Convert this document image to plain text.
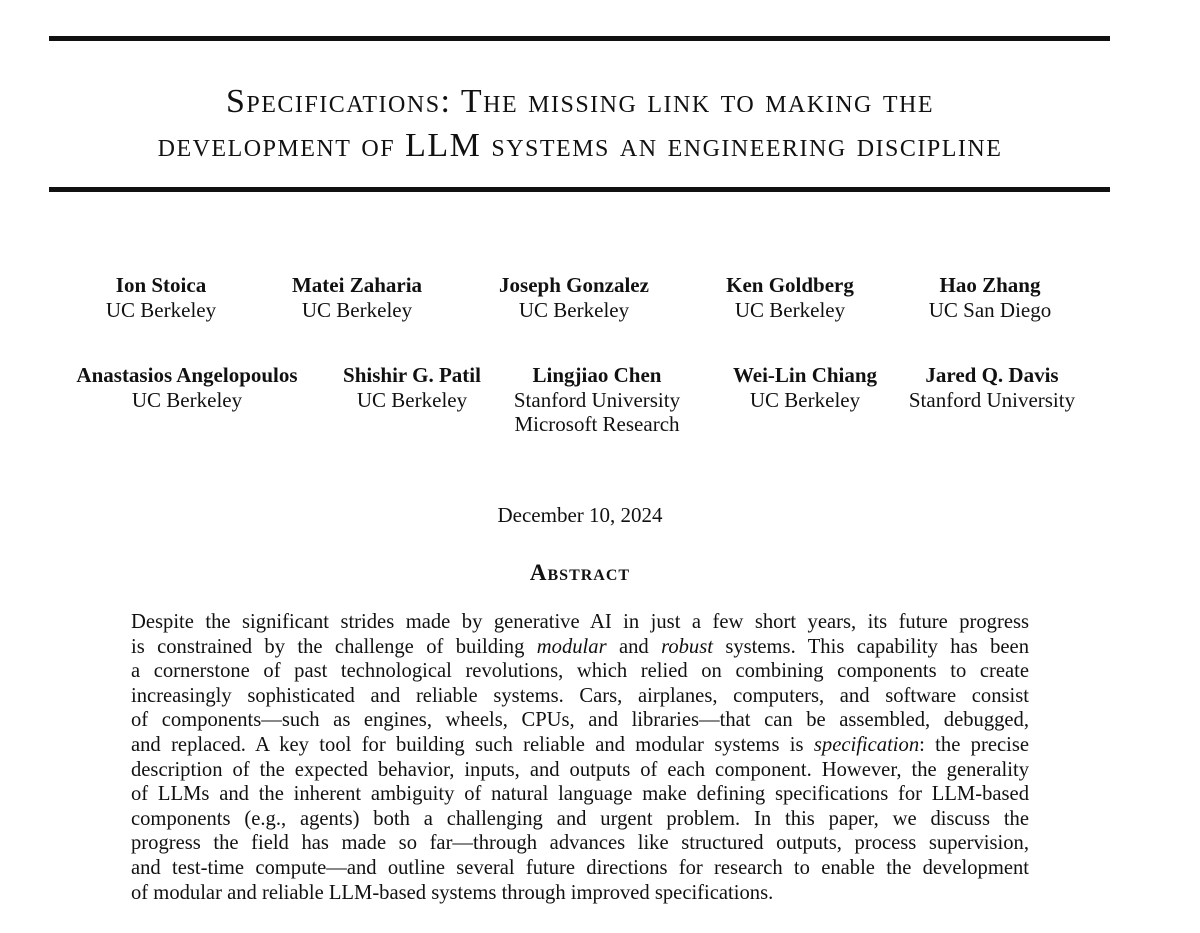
Specifications: The missing link to making the
development of LLM systems an engineering discipline
Ion Stoica
UC Berkeley
Matei Zaharia
UC Berkeley
Joseph Gonzalez
UC Berkeley
Ken Goldberg
UC Berkeley
Hao Zhang
UC San Diego
Anastasios Angelopoulos
UC Berkeley
Shishir G. Patil
UC Berkeley
Lingjiao Chen
Stanford University
Microsoft Research
Wei-Lin Chiang
UC Berkeley
Jared Q. Davis
Stanford University
December 10, 2024
Abstract
Despite the significant strides made by generative AI in just a few short years, its future progress
is constrained by the challenge of building modular and robust systems. This capability has been
a cornerstone of past technological revolutions, which relied on combining components to create
increasingly sophisticated and reliable systems. Cars, airplanes, computers, and software consist
of components—such as engines, wheels, CPUs, and libraries—that can be assembled, debugged,
and replaced. A key tool for building such reliable and modular systems is specification: the precise
description of the expected behavior, inputs, and outputs of each component. However, the generality
of LLMs and the inherent ambiguity of natural language make defining specifications for LLM-based
components (e.g., agents) both a challenging and urgent problem. In this paper, we discuss the
progress the field has made so far—through advances like structured outputs, process supervision,
and test-time compute—and outline several future directions for research to enable the development
of modular and reliable LLM-based systems through improved specifications.
